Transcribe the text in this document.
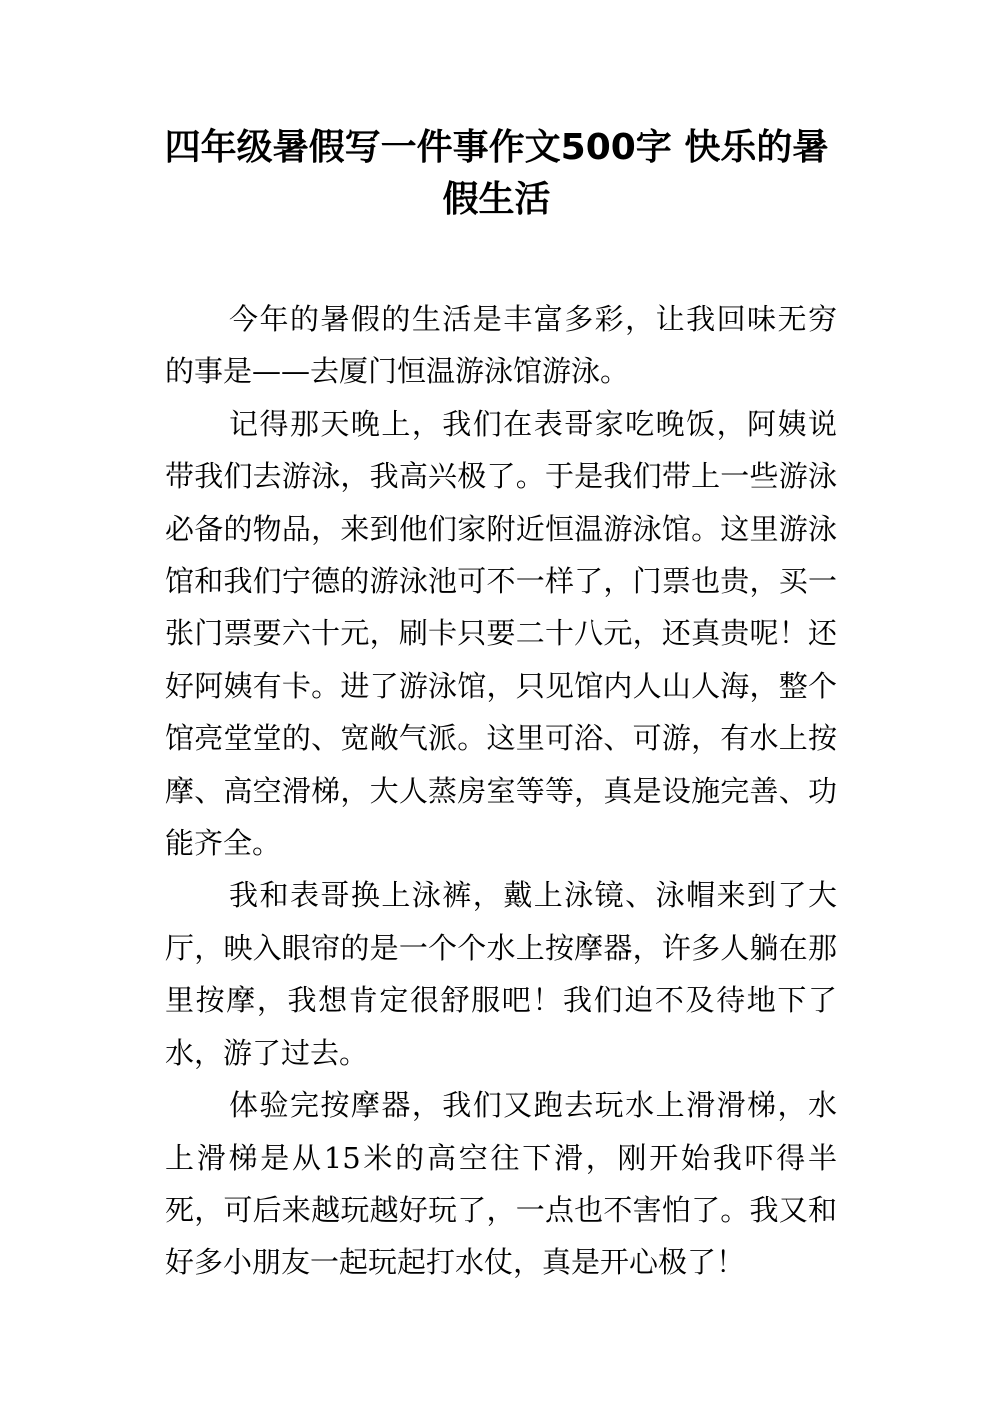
四年级暑假写一件事作文500字 快乐的暑假生活

今年的暑假的生活是丰富多彩，让我回味无穷的事是——去厦门恒温游泳馆游泳。

记得那天晚上，我们在表哥家吃晚饭，阿姨说带我们去游泳，我高兴极了。于是我们带上一些游泳必备的物品，来到他们家附近恒温游泳馆。这里游泳馆和我们宁德的游泳池可不一样了，门票也贵，买一张门票要六十元，刷卡只要二十八元，还真贵呢！还好阿姨有卡。进了游泳馆，只见馆内人山人海，整个馆亮堂堂的、宽敞气派。这里可浴、可游，有水上按摩、高空滑梯，大人蒸房室等等，真是设施完善、功能齐全。

我和表哥换上泳裤，戴上泳镜、泳帽来到了大厅，映入眼帘的是一个个水上按摩器，许多人躺在那里按摩，我想肯定很舒服吧！我们迫不及待地下了水，游了过去。

体验完按摩器，我们又跑去玩水上滑滑梯，水上滑梯是从15米的高空往下滑，刚开始我吓得半死，可后来越玩越好玩了，一点也不害怕了。我又和好多小朋友一起玩起打水仗，真是开心极了！
